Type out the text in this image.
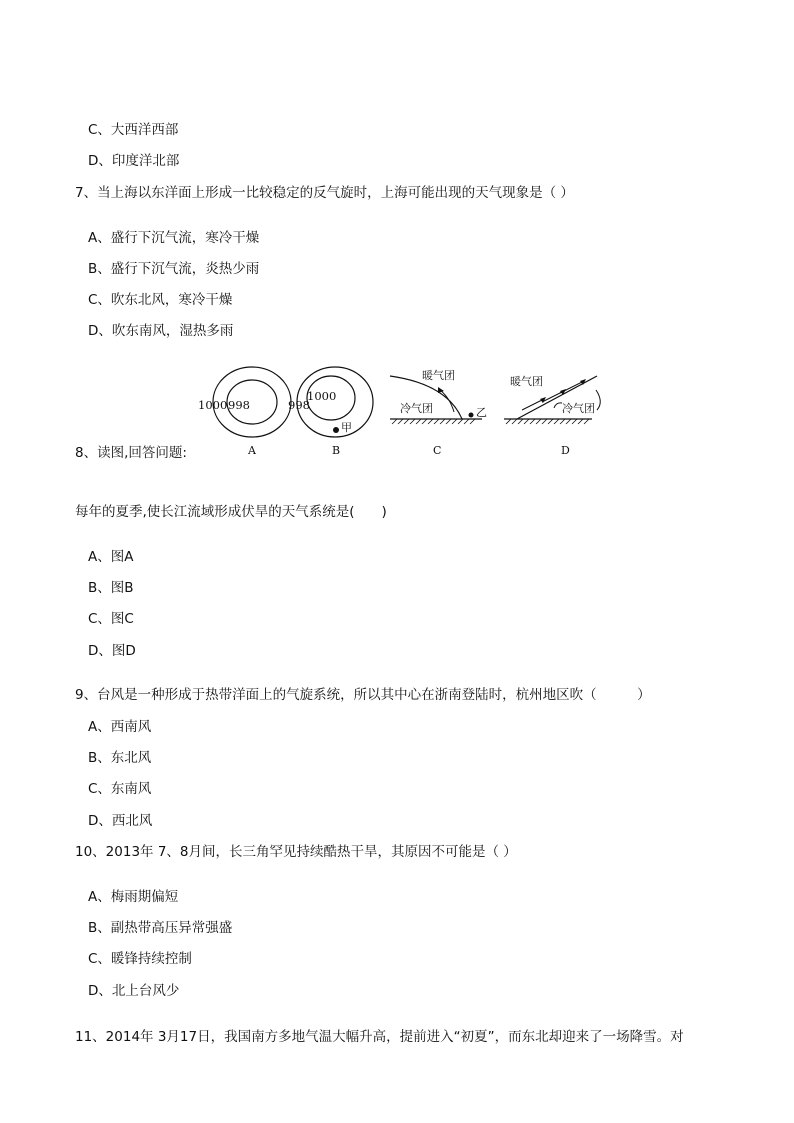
C、大西洋西部
D、印度洋北部
7、当上海以东洋面上形成一比较稳定的反气旋时，上海可能出现的天气现象是（ ）
A、盛行下沉气流，寒冷干燥
B、盛行下沉气流，炎热少雨
C、吹东北风，寒冷干燥
D、吹东南风，湿热多雨
1000 998
A
998
1000
甲
B
暖气团
冷气团	乙
C
暖气团
冷气团
D
8、读图,回答问题:
每年的夏季,使长江流域形成伏旱的天气系统是(　　)
A、图A
B、图B
C、图C
D、图D
9、台风是一种形成于热带洋面上的气旋系统，所以其中心在浙南登陆时，杭州地区吹（　　　）
A、西南风
B、东北风
C、东南风
D、西北风
10、2013年 7、8月间，长三角罕见持续酷热干旱，其原因不可能是（ ）
A、梅雨期偏短
B、副热带高压异常强盛
C、暖锋持续控制
D、北上台风少
11、2014年 3月17日，我国南方多地气温大幅升高，提前进入“初夏”，而东北却迎来了一场降雪。对
